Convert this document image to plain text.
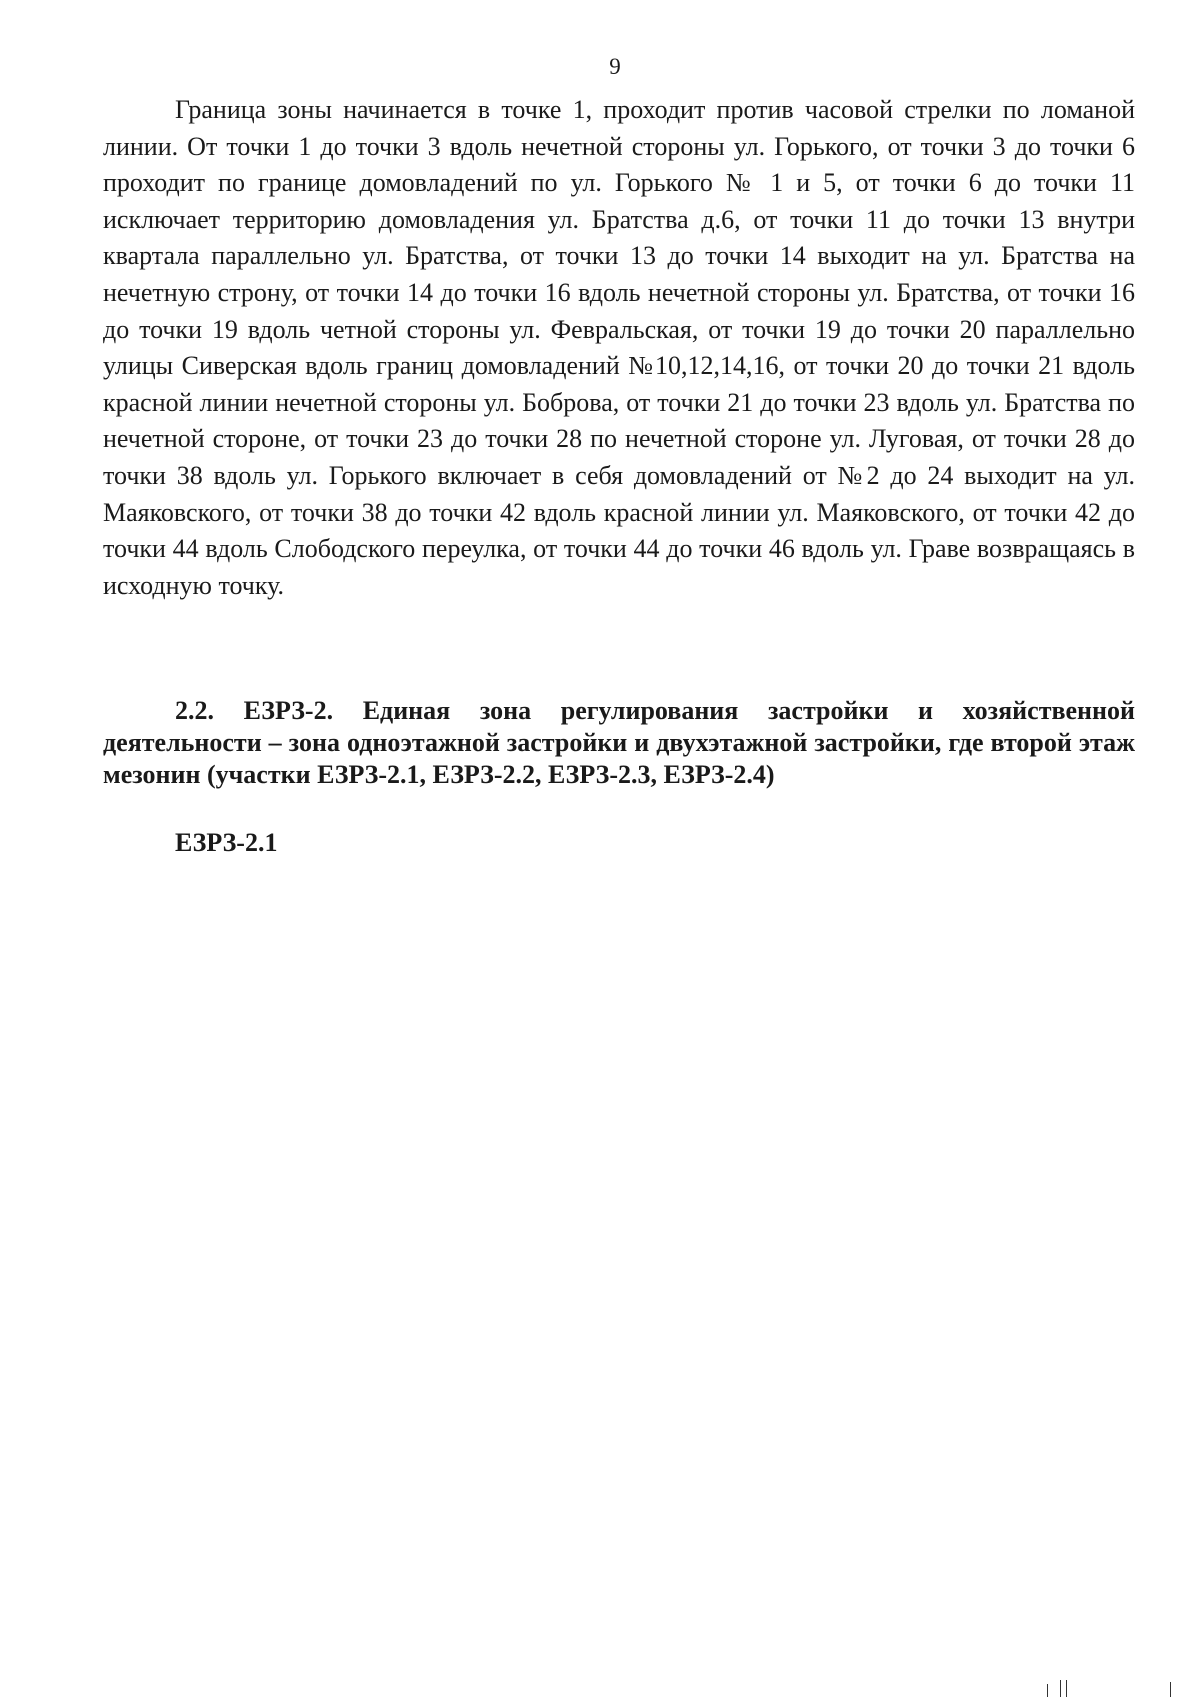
9

Граница зоны начинается в точке 1, проходит против часовой стрелки по ломаной линии. От точки 1 до точки 3 вдоль нечетной стороны ул. Горького, от точки 3 до точки 6 проходит по границе домовладений по ул. Горького № 1 и 5, от точки 6 до точки 11 исключает территорию домовладения ул. Братства д.6, от точки 11 до точки 13 внутри квартала параллельно ул. Братства, от точки 13 до точки 14 выходит на ул. Братства на нечетную строну, от точки 14 до точки 16 вдоль нечетной стороны ул. Братства, от точки 16 до точки 19 вдоль четной стороны ул. Февральская, от точки 19 до точки 20 параллельно улицы Сиверская вдоль границ домовладений №10,12,14,16, от точки 20 до точки 21 вдоль красной линии нечетной стороны ул. Боброва, от точки 21 до точки 23 вдоль ул. Братства по нечетной стороне, от точки 23 до точки 28 по нечетной стороне ул. Луговая, от точки 28 до точки 38 вдоль ул. Горького включает в себя домовладений от №2 до 24 выходит на ул. Маяковского, от точки 38 до точки 42 вдоль красной линии ул. Маяковского, от точки 42 до точки 44 вдоль Слободского переулка, от точки 44 до точки 46 вдоль ул. Граве возвращаясь в исходную точку.

2.2. ЕЗРЗ-2. Единая зона регулирования застройки и хозяйственной деятельности – зона одноэтажной застройки и двухэтажной застройки, где второй этаж мезонин (участки ЕЗРЗ-2.1, ЕЗРЗ-2.2, ЕЗРЗ-2.3, ЕЗРЗ-2.4)

ЕЗРЗ-2.1
